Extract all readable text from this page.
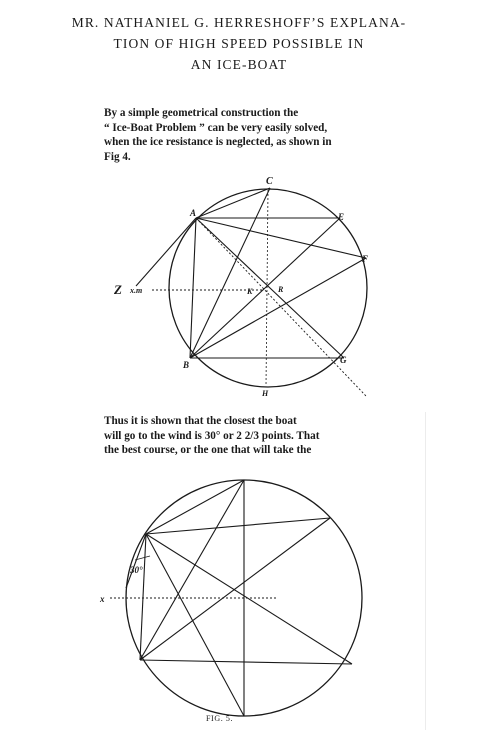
MR. NATHANIEL G. HERRESHOFF’S EXPLANA-
TION OF HIGH SPEED POSSIBLE IN
AN ICE-BOAT
By a simple geometrical construction the
“ Ice-Boat Problem ” can be very easily solved,
when the ice resistance is neglected, as shown in
Fig 4.
C
A	E
F
B	G
H
Z x.m	K	R
Thus it is shown that the closest the boat
will go to the wind is 30° or 2 2/3 points. That
the best course, or the one that will take the
30°
x
FIG. 5.
